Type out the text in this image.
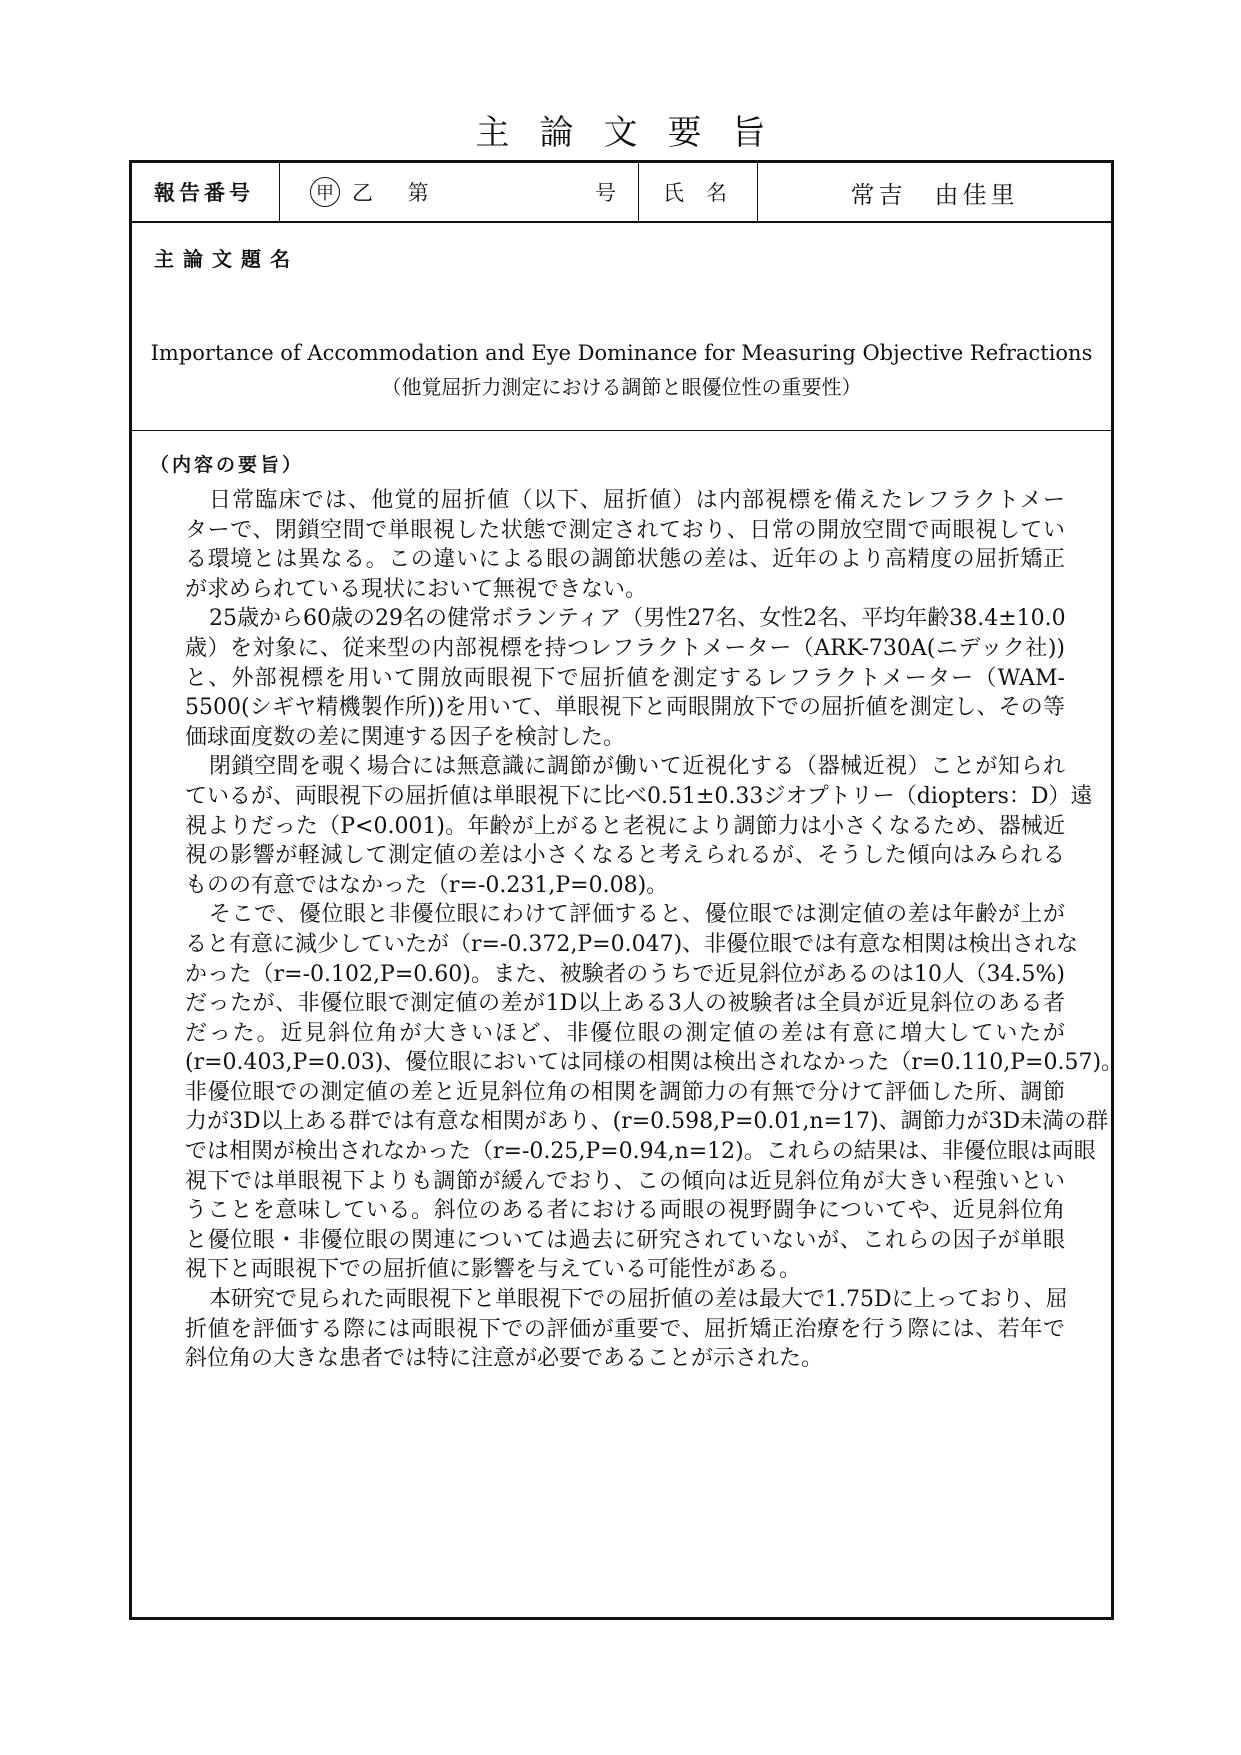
主論文要旨
報告番号	甲 乙 第	号	氏名	常吉　由佳里
主論文題名
Importance of Accommodation and Eye Dominance for Measuring Objective Refractions
（他覚屈折力測定における調節と眼優位性の重要性）
（内容の要旨）
日常臨床では、他覚的屈折値（以下、屈折値）は内部視標を備えたレフラクトメー
ターで、閉鎖空間で単眼視した状態で測定されており、日常の開放空間で両眼視してい
る環境とは異なる。この違いによる眼の調節状態の差は、近年のより高精度の屈折矯正
が求められている現状において無視できない。
25歳から60歳の29名の健常ボランティア（男性27名、女性2名、平均年齢38.4±10.0
歳）を対象に、従来型の内部視標を持つレフラクトメーター（ARK-730A(ニデック社))
と、外部視標を用いて開放両眼視下で屈折値を測定するレフラクトメーター（WAM-
5500(シギヤ精機製作所))を用いて、単眼視下と両眼開放下での屈折値を測定し、その等
価球面度数の差に関連する因子を検討した。
閉鎖空間を覗く場合には無意識に調節が働いて近視化する（器械近視）ことが知られ
ているが、両眼視下の屈折値は単眼視下に比べ0.51±0.33ジオプトリー（diopters：D）遠
視よりだった（P<0.001)。年齢が上がると老視により調節力は小さくなるため、器械近
視の影響が軽減して測定値の差は小さくなると考えられるが、そうした傾向はみられる
ものの有意ではなかった（r=-0.231,P=0.08)。
そこで、優位眼と非優位眼にわけて評価すると、優位眼では測定値の差は年齢が上が
ると有意に減少していたが（r=-0.372,P=0.047)、非優位眼では有意な相関は検出されな
かった（r=-0.102,P=0.60)。また、被験者のうちで近見斜位があるのは10人（34.5%)
だったが、非優位眼で測定値の差が1D以上ある3人の被験者は全員が近見斜位のある者
だった。近見斜位角が大きいほど、非優位眼の測定値の差は有意に増大していたが
(r=0.403,P=0.03)、優位眼においては同様の相関は検出されなかった（r=0.110,P=0.57)。
非優位眼での測定値の差と近見斜位角の相関を調節力の有無で分けて評価した所、調節
力が3D以上ある群では有意な相関があり、(r=0.598,P=0.01,n=17)、調節力が3D未満の群
では相関が検出されなかった（r=-0.25,P=0.94,n=12)。これらの結果は、非優位眼は両眼
視下では単眼視下よりも調節が緩んでおり、この傾向は近見斜位角が大きい程強いとい
うことを意味している。斜位のある者における両眼の視野闘争についてや、近見斜位角
と優位眼・非優位眼の関連については過去に研究されていないが、これらの因子が単眼
視下と両眼視下での屈折値に影響を与えている可能性がある。
本研究で見られた両眼視下と単眼視下での屈折値の差は最大で1.75Dに上っており、屈
折値を評価する際には両眼視下での評価が重要で、屈折矯正治療を行う際には、若年で
斜位角の大きな患者では特に注意が必要であることが示された。
